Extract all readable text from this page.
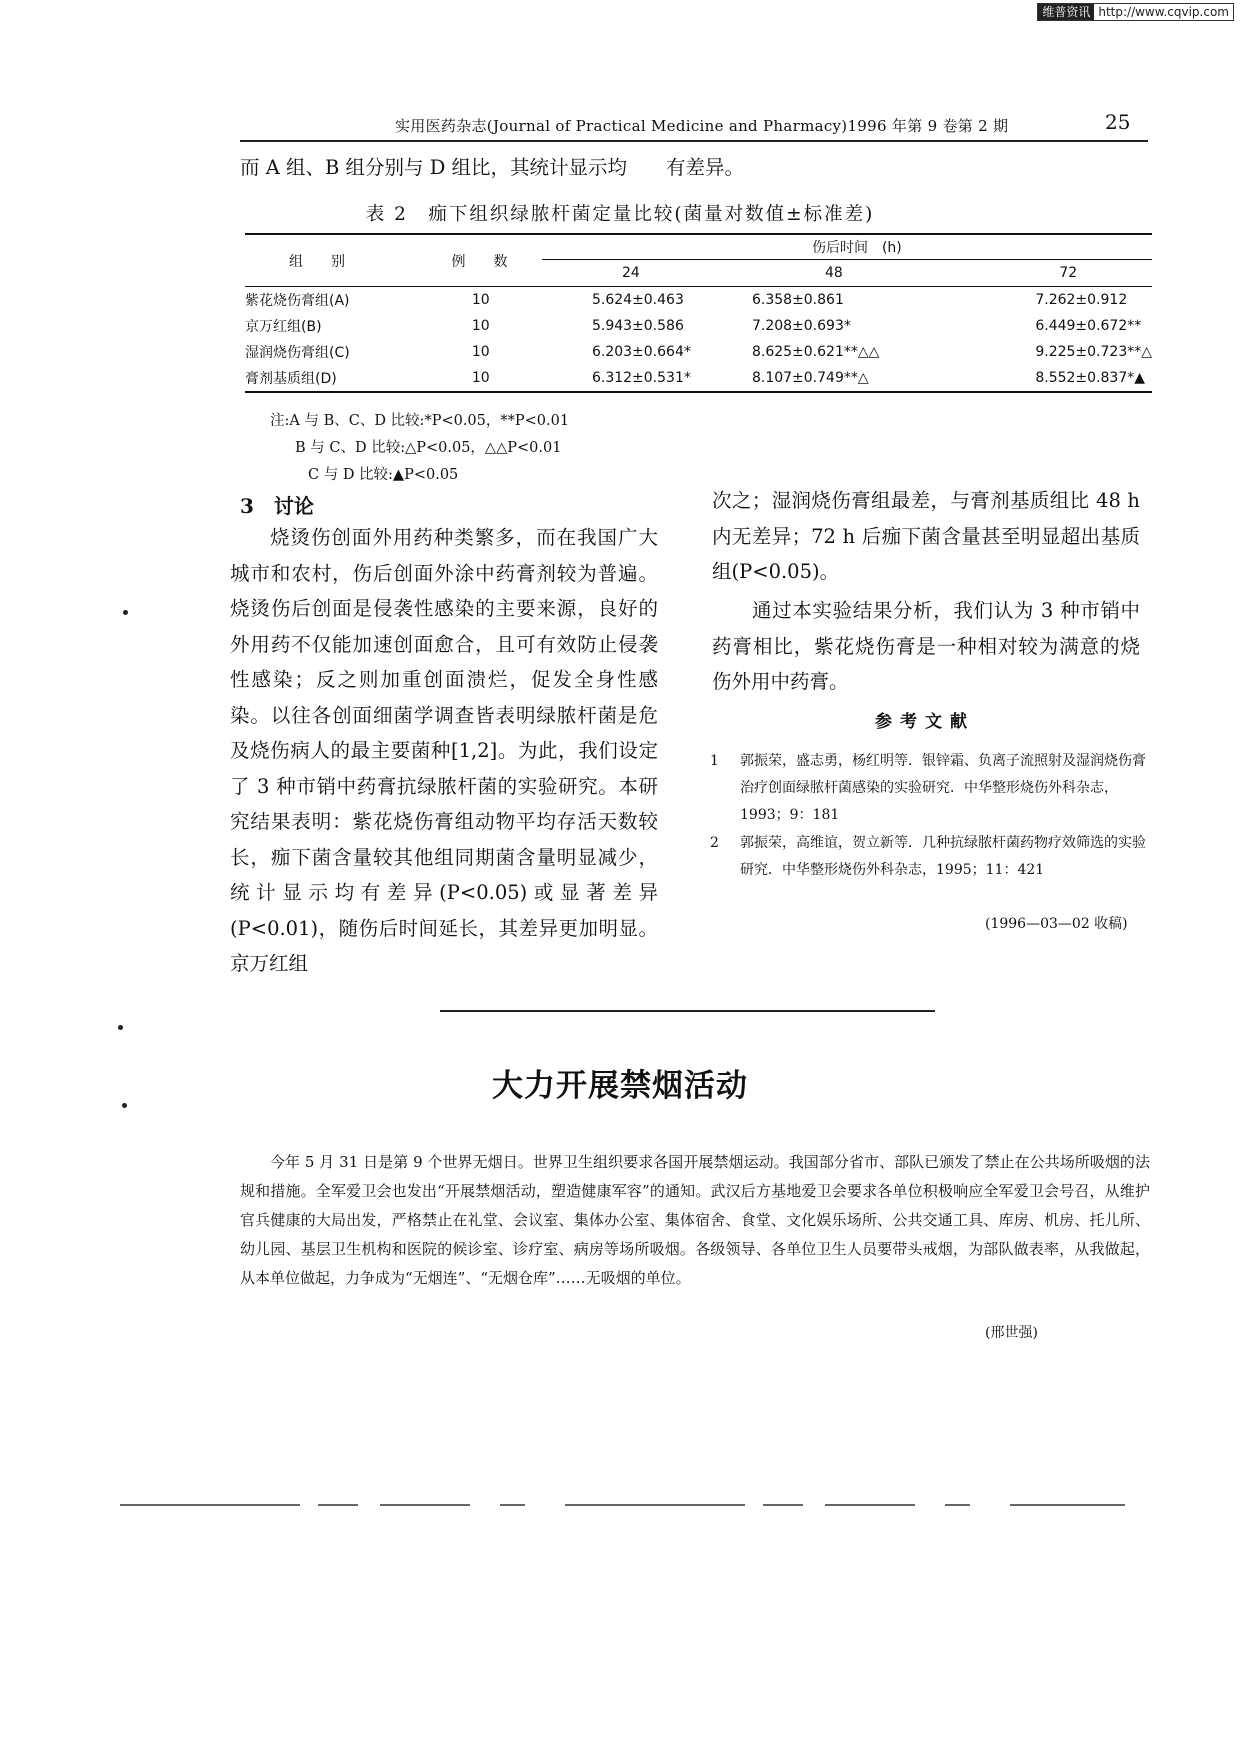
维普资讯 http://www.cqvip.com
实用医药杂志(Journal of Practical Medicine and Pharmacy)1996 年第 9 卷第 2 期	25
而 A 组、B 组分别与 D 组比，其统计显示均　　有差异。
表 2　痂下组织绿脓杆菌定量比较(菌量对数值±标准差)
组　　别	例　　数	伤后时间　(h)		
		24	48	72
紫花烧伤膏组(A)	10	5.624±0.463	6.358±0.861	7.262±0.912
京万红组(B)	10	5.943±0.586	7.208±0.693*	6.449±0.672**
湿润烧伤膏组(C)	10	6.203±0.664*	8.625±0.621**△△	9.225±0.723**△
膏剂基质组(D)	10	6.312±0.531*	8.107±0.749**△	8.552±0.837*▲
注:A 与 B、C、D 比较:*P<0.05，**P<0.01
B 与 C、D 比较:△P<0.05，△△P<0.01
C 与 D 比较:▲P<0.05
3　讨论
烧烫伤创面外用药种类繁多，而在我国广大城市和农村，伤后创面外涂中药膏剂较为普遍。烧烫伤后创面是侵袭性感染的主要来源，良好的外用药不仅能加速创面愈合，且可有效防止侵袭性感染；反之则加重创面溃烂，促发全身性感染。以往各创面细菌学调查皆表明绿脓杆菌是危及烧伤病人的最主要菌种[1,2]。为此，我们设定了 3 种市销中药膏抗绿脓杆菌的实验研究。本研究结果表明：紫花烧伤膏组动物平均存活天数较长，痂下菌含量较其他组同期菌含量明显减少，统计显示均有差异(P<0.05)或显著差异(P<0.01)，随伤后时间延长，其差异更加明显。京万红组
次之；湿润烧伤膏组最差，与膏剂基质组比 48 h 内无差异；72 h 后痂下菌含量甚至明显超出基质组(P<0.05)。
通过本实验结果分析，我们认为 3 种市销中药膏相比，紫花烧伤膏是一种相对较为满意的烧伤外用中药膏。
参考文献
1	郭振荣，盛志勇，杨红明等．银锌霜、负离子流照射及湿润烧伤膏治疗创面绿脓杆菌感染的实验研究．中华整形烧伤外科杂志，1993；9：181
2	郭振荣，高维谊，贺立新等．几种抗绿脓杆菌药物疗效筛选的实验研究．中华整形烧伤外科杂志，1995；11：421
(1996—03—02 收稿)
大力开展禁烟活动
今年 5 月 31 日是第 9 个世界无烟日。世界卫生组织要求各国开展禁烟运动。我国部分省市、部队已颁发了禁止在公共场所吸烟的法规和措施。全军爱卫会也发出“开展禁烟活动，塑造健康军容”的通知。武汉后方基地爱卫会要求各单位积极响应全军爱卫会号召，从维护官兵健康的大局出发，严格禁止在礼堂、会议室、集体办公室、集体宿舍、食堂、文化娱乐场所、公共交通工具、库房、机房、托儿所、幼儿园、基层卫生机构和医院的候诊室、诊疗室、病房等场所吸烟。各级领导、各单位卫生人员要带头戒烟，为部队做表率，从我做起，从本单位做起，力争成为“无烟连”、“无烟仓库”……无吸烟的单位。
(邢世强)
